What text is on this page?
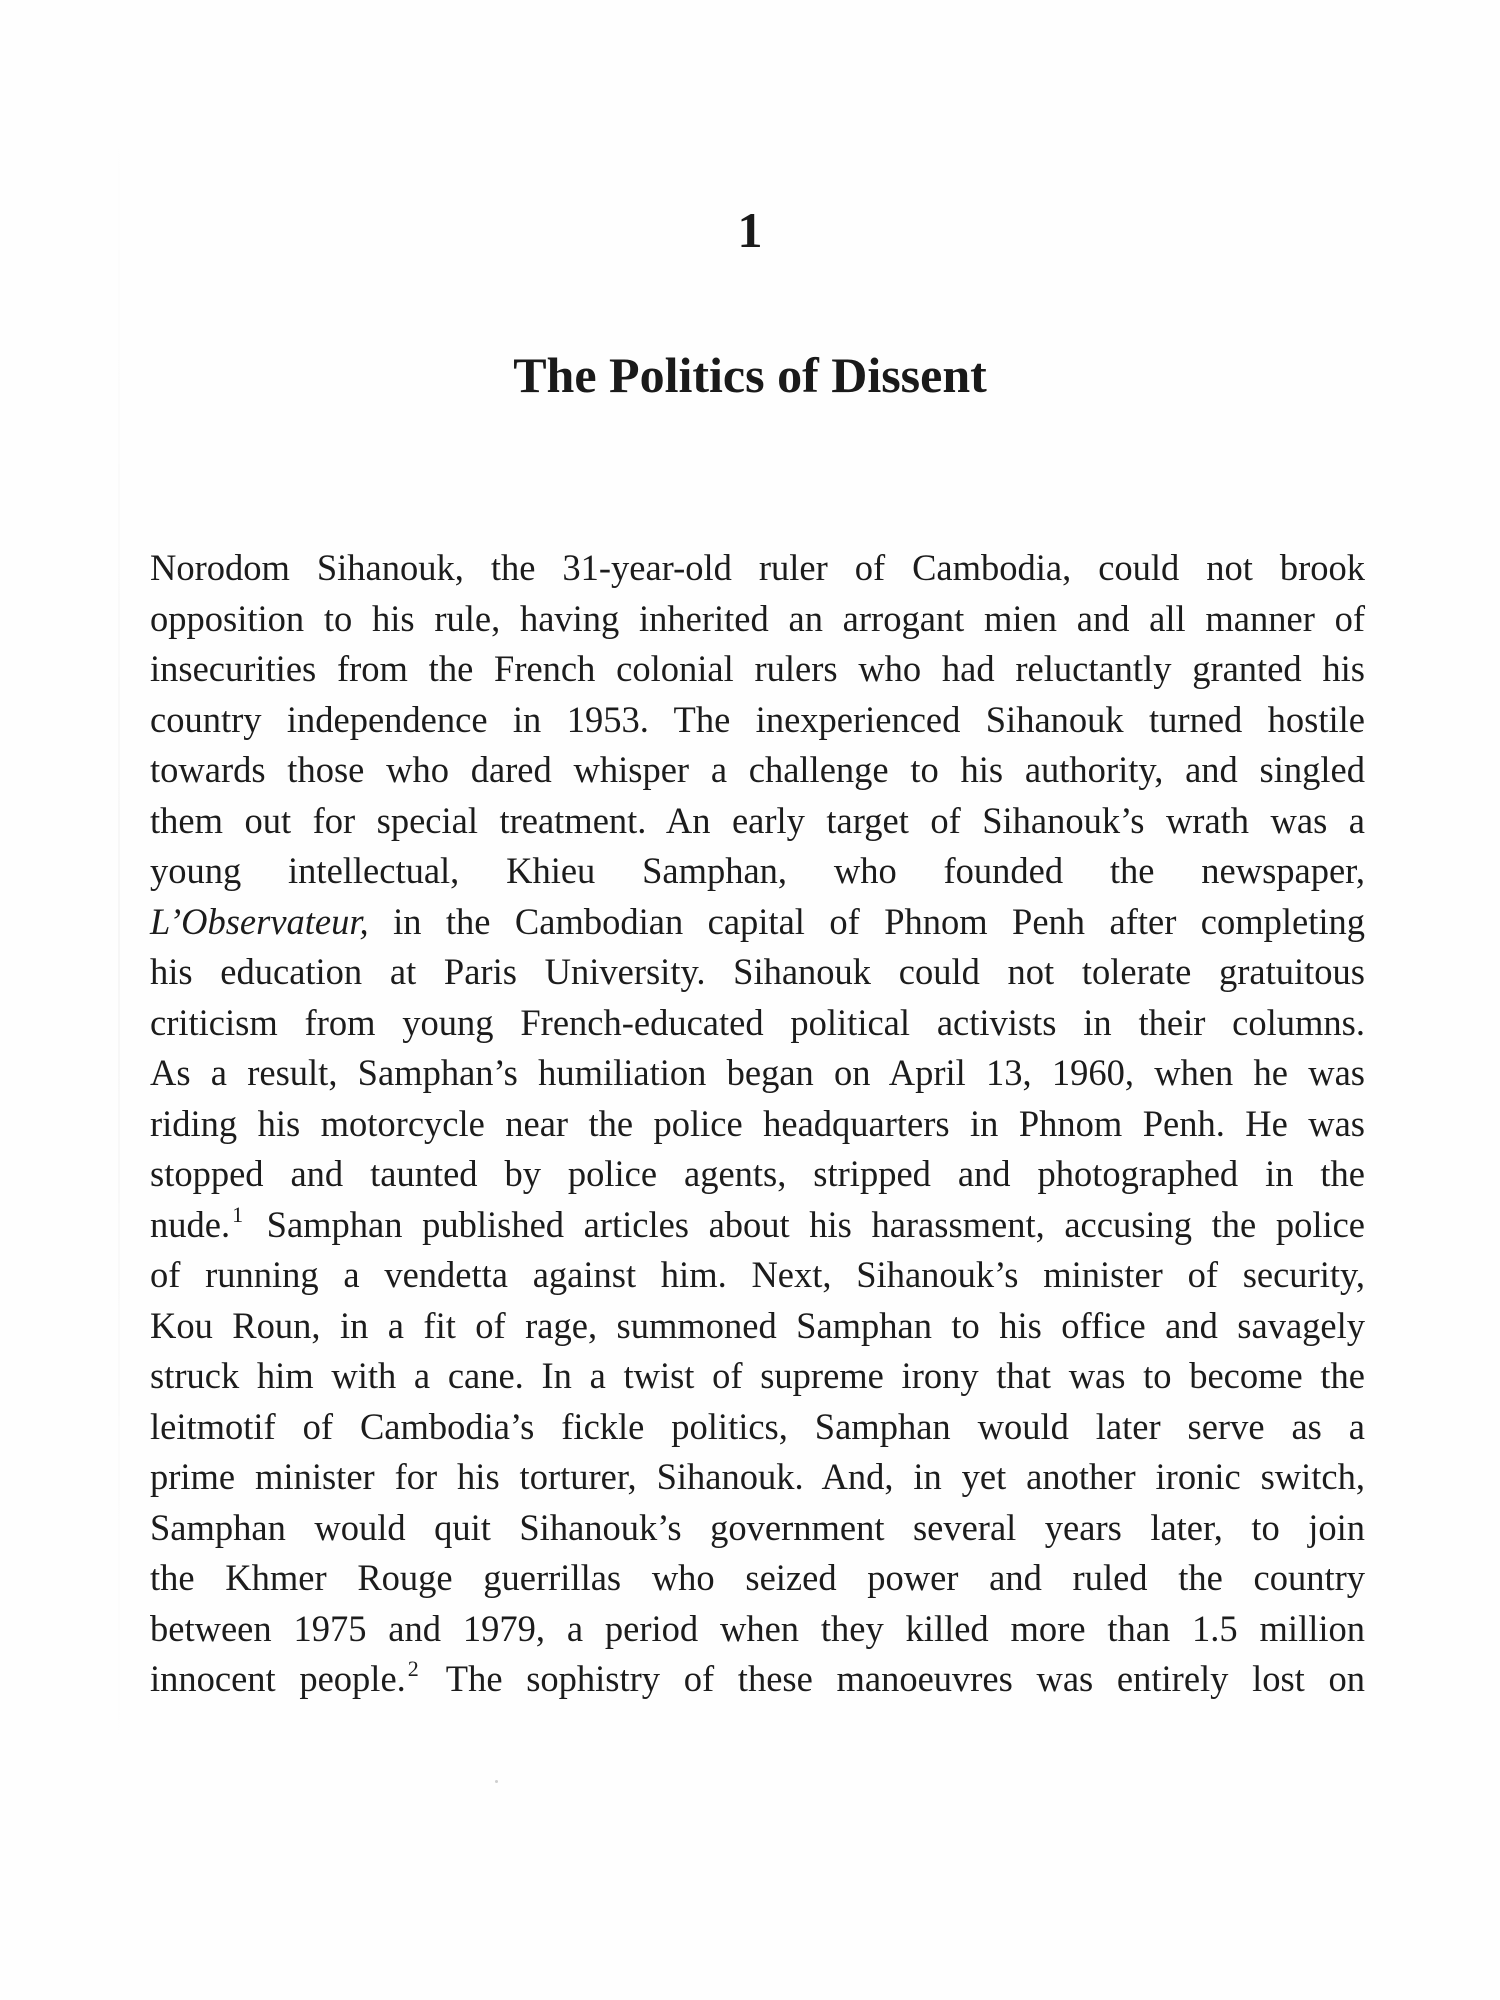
1
The Politics of Dissent
Norodom Sihanouk, the 31-year-old ruler of Cambodia, could not brook
opposition to his rule, having inherited an arrogant mien and all manner of
insecurities from the French colonial rulers who had reluctantly granted his
country independence in 1953. The inexperienced Sihanouk turned hostile
towards those who dared whisper a challenge to his authority, and singled
them out for special treatment. An early target of Sihanouk’s wrath was a
young intellectual, Khieu Samphan, who founded the newspaper,
L’Observateur, in the Cambodian capital of Phnom Penh after completing
his education at Paris University. Sihanouk could not tolerate gratuitous
criticism from young French-educated political activists in their columns.
As a result, Samphan’s humiliation began on April 13, 1960, when he was
riding his motorcycle near the police headquarters in Phnom Penh. He was
stopped and taunted by police agents, stripped and photographed in the
nude.$^1$ Samphan published articles about his harassment, accusing the police
of running a vendetta against him. Next, Sihanouk’s minister of security,
Kou Roun, in a fit of rage, summoned Samphan to his office and savagely
struck him with a cane. In a twist of supreme irony that was to become the
leitmotif of Cambodia’s fickle politics, Samphan would later serve as a
prime minister for his torturer, Sihanouk. And, in yet another ironic switch,
Samphan would quit Sihanouk’s government several years later, to join
the Khmer Rouge guerrillas who seized power and ruled the country
between 1975 and 1979, a period when they killed more than 1.5 million
innocent people.$^2$ The sophistry of these manoeuvres was entirely lost on
